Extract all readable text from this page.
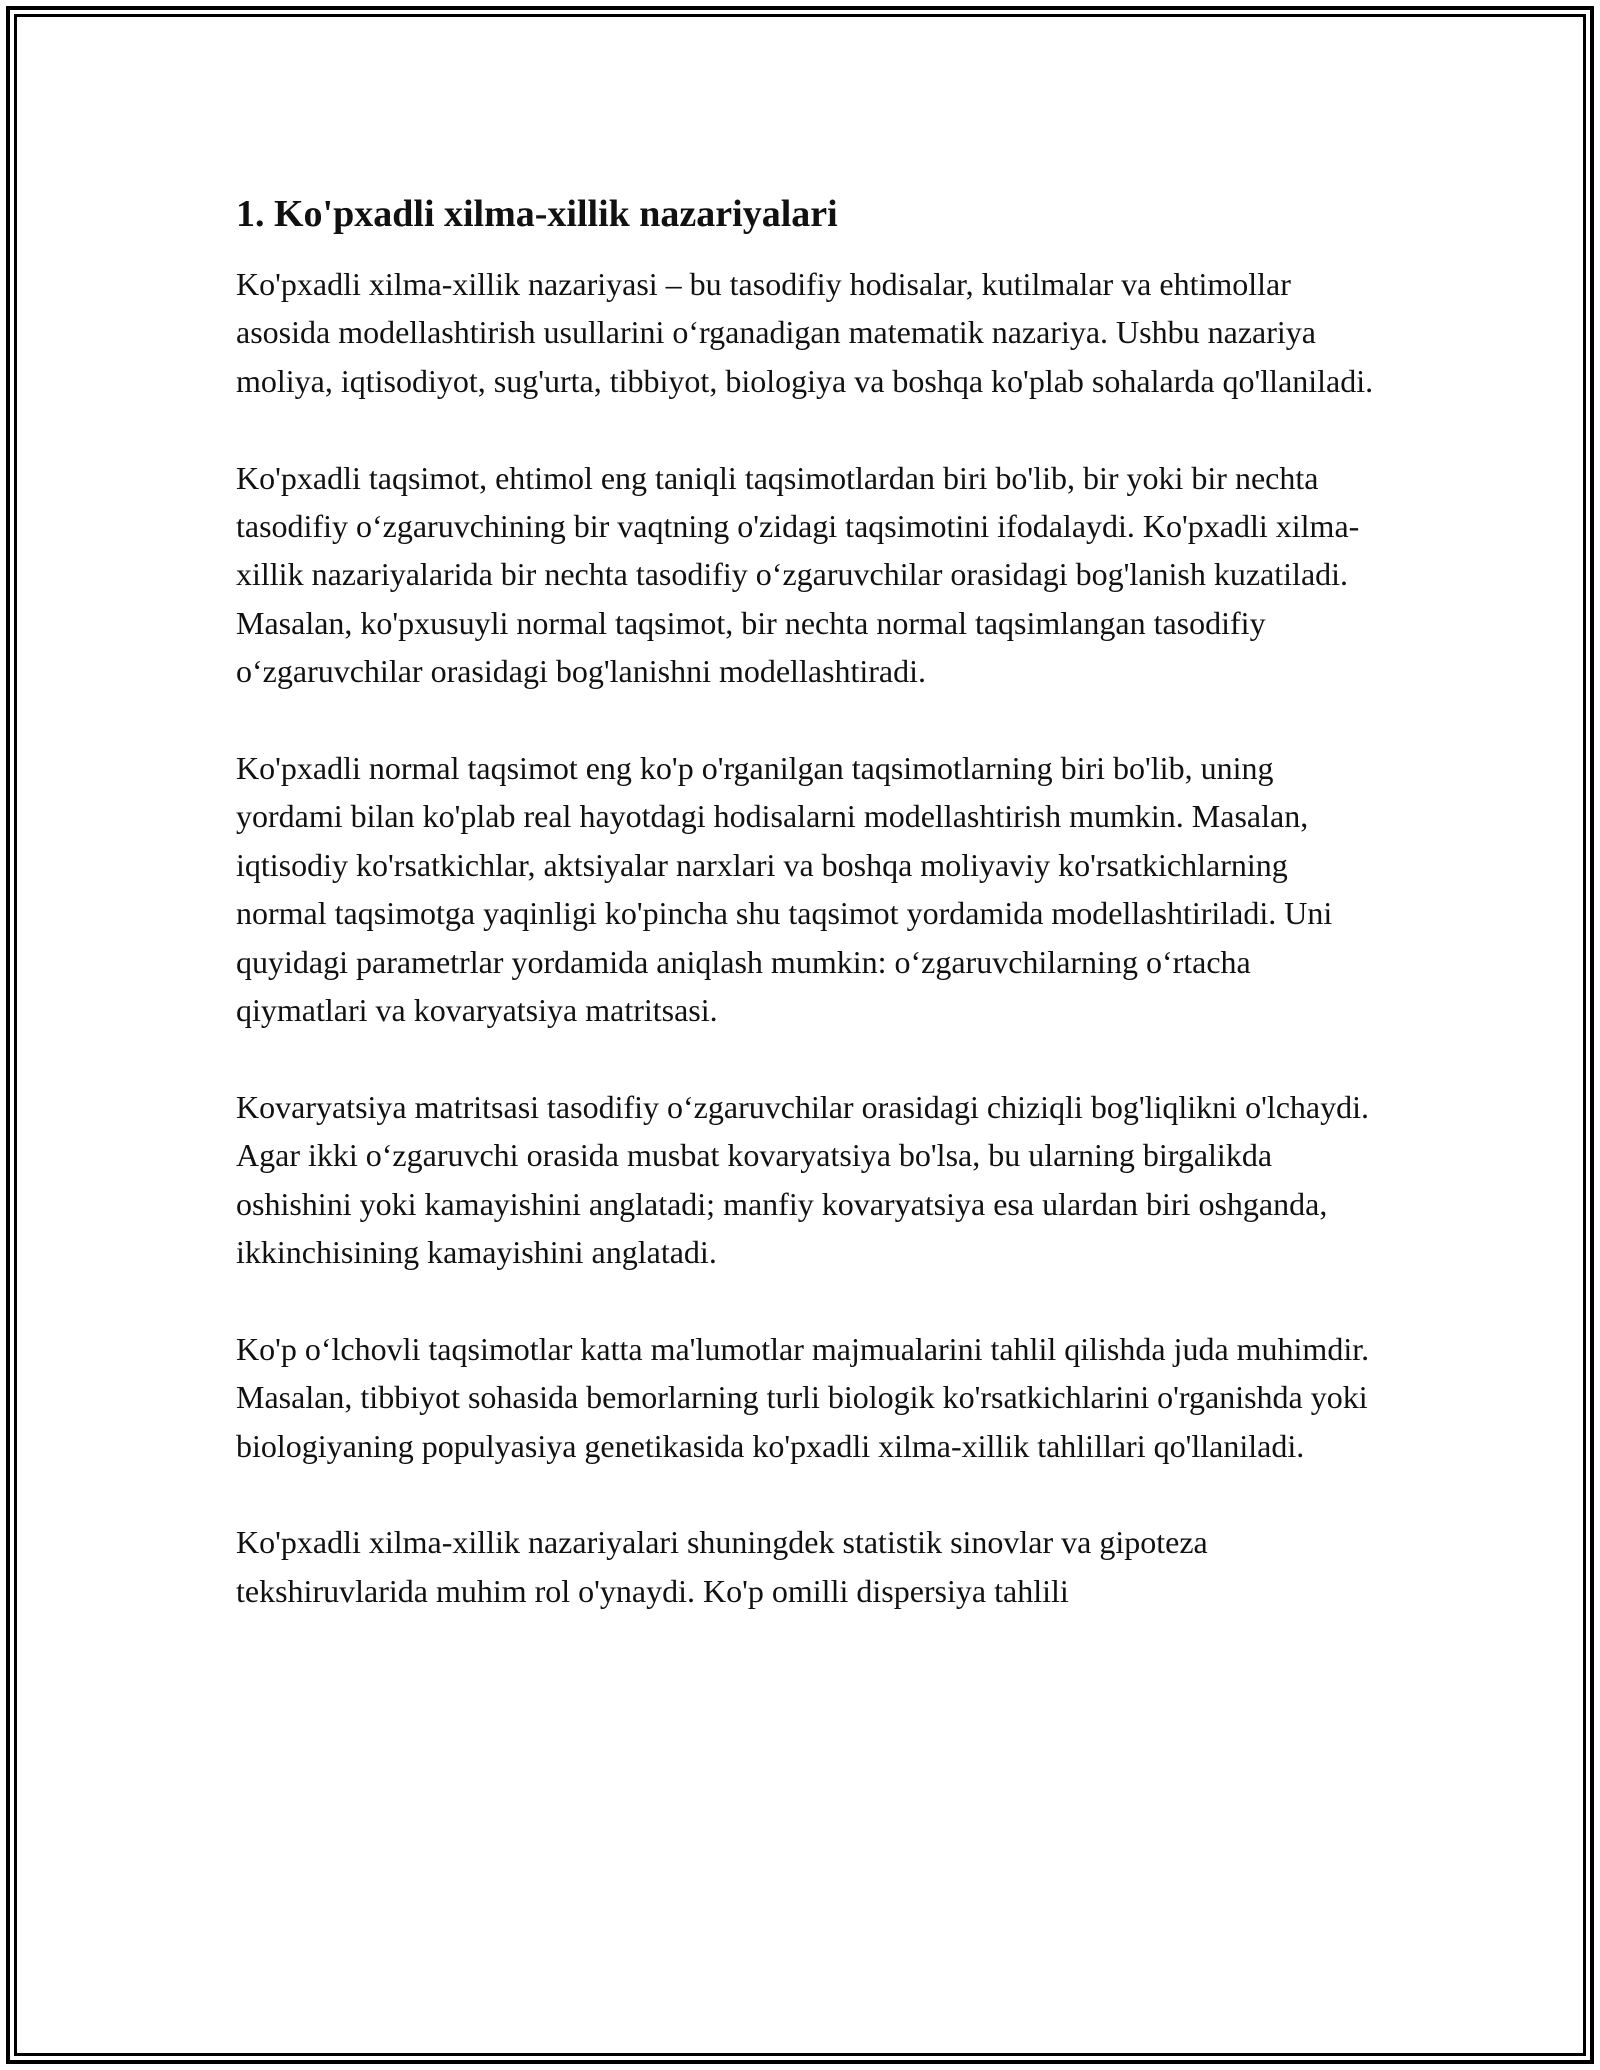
1. Ko'pxadli xilma-xillik nazariyalari

Ko'pxadli xilma-xillik nazariyasi – bu tasodifiy hodisalar, kutilmalar va ehtimollar asosida modellashtirish usullarini oʻrganadigan matematik nazariya. Ushbu nazariya moliya, iqtisodiyot, sug'urta, tibbiyot, biologiya va boshqa ko'plab sohalarda qo'llaniladi.

Ko'pxadli taqsimot, ehtimol eng taniqli taqsimotlardan biri bo'lib, bir yoki bir nechta tasodifiy oʻzgaruvchining bir vaqtning o'zidagi taqsimotini ifodalaydi. Ko'pxadli xilma-xillik nazariyalarida bir nechta tasodifiy oʻzgaruvchilar orasidagi bog'lanish kuzatiladi. Masalan, ko'pxusuyli normal taqsimot, bir nechta normal taqsimlangan tasodifiy oʻzgaruvchilar orasidagi bog'lanishni modellashtiradi.

Ko'pxadli normal taqsimot eng ko'p o'rganilgan taqsimotlarning biri bo'lib, uning yordami bilan ko'plab real hayotdagi hodisalarni modellashtirish mumkin. Masalan, iqtisodiy ko'rsatkichlar, aktsiyalar narxlari va boshqa moliyaviy ko'rsatkichlarning normal taqsimotga yaqinligi ko'pincha shu taqsimot yordamida modellashtiriladi. Uni quyidagi parametrlar yordamida aniqlash mumkin: oʻzgaruvchilarning oʻrtacha qiymatlari va kovaryatsiya matritsasi.

Kovaryatsiya matritsasi tasodifiy oʻzgaruvchilar orasidagi chiziqli bog'liqlikni o'lchaydi. Agar ikki oʻzgaruvchi orasida musbat kovaryatsiya bo'lsa, bu ularning birgalikda oshishini yoki kamayishini anglatadi; manfiy kovaryatsiya esa ulardan biri oshganda, ikkinchisining kamayishini anglatadi.

Ko'p oʻlchovli taqsimotlar katta ma'lumotlar majmualarini tahlil qilishda juda muhimdir. Masalan, tibbiyot sohasida bemorlarning turli biologik ko'rsatkichlarini o'rganishda yoki biologiyaning populyasiya genetikasida ko'pxadli xilma-xillik tahlillari qo'llaniladi.

Ko'pxadli xilma-xillik nazariyalari shuningdek statistik sinovlar va gipoteza tekshiruvlarida muhim rol o'ynaydi. Ko'p omilli dispersiya tahlili
